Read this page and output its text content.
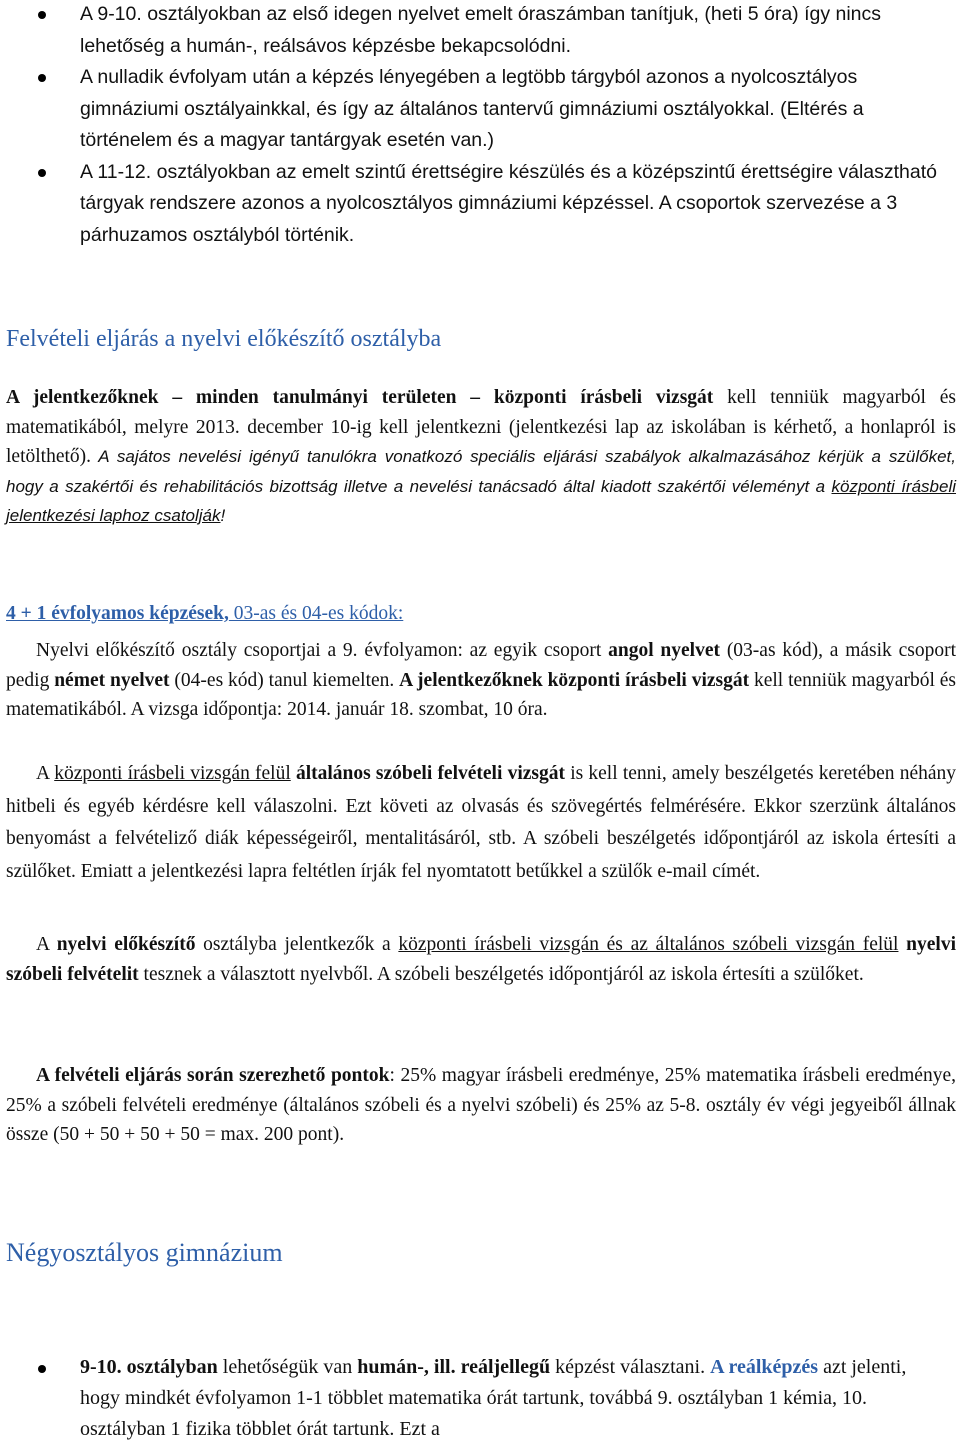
A 9-10. osztályokban az első idegen nyelvet emelt óraszámban tanítjuk, (heti 5 óra) így nincs lehetőség a humán-, reálsávos képzésbe bekapcsolódni.
A nulladik évfolyam után a képzés lényegében a legtöbb tárgyból azonos a nyolcosztályos gimnáziumi osztályainkkal, és így az általános tantervű gimnáziumi osztályokkal. (Eltérés a történelem és a magyar tantárgyak esetén van.)
A 11-12. osztályokban az emelt szintű érettségire készülés és a középszintű érettségire választható tárgyak rendszere azonos a nyolcosztályos gimnáziumi képzéssel. A csoportok szervezése a 3 párhuzamos osztályból történik.
Felvételi eljárás a nyelvi előkészítő osztályba

A jelentkezőknek – minden tanulmányi területen – központi írásbeli vizsgát kell tenniük magyarból és matematikából, melyre 2013. december 10-ig kell jelentkezni (jelentkezési lap az iskolában is kérhető, a honlapról is letölthető). A sajátos nevelési igényű tanulókra vonatkozó speciális eljárási szabályok alkalmazásához kérjük a szülőket, hogy a szakértői és rehabilitációs bizottság illetve a nevelési tanácsadó által kiadott szakértői véleményt a központi írásbeli jelentkezési laphoz csatolják!

4 + 1 évfolyamos képzések, 03-as és 04-es kódok:

Nyelvi előkészítő osztály csoportjai a 9. évfolyamon: az egyik csoport angol nyelvet (03-as kód), a másik csoport pedig német nyelvet (04-es kód) tanul kiemelten. A jelentkezőknek központi írásbeli vizsgát kell tenniük magyarból és matematikából. A vizsga időpontja: 2014. január 18. szombat, 10 óra.

A központi írásbeli vizsgán felül általános szóbeli felvételi vizsgát is kell tenni, amely beszélgetés keretében néhány hitbeli és egyéb kérdésre kell válaszolni. Ezt követi az olvasás és szövegértés felmérésére. Ekkor szerzünk általános benyomást a felvételiző diák képességeiről, mentalitásáról, stb. A szóbeli beszélgetés időpontjáról az iskola értesíti a szülőket. Emiatt a jelentkezési lapra feltétlen írják fel nyomtatott betűkkel a szülők e-mail címét.

A nyelvi előkészítő osztályba jelentkezők a központi írásbeli vizsgán és az általános szóbeli vizsgán felül nyelvi szóbeli felvételit tesznek a választott nyelvből. A szóbeli beszélgetés időpontjáról az iskola értesíti a szülőket.

A felvételi eljárás során szerezhető pontok: 25% magyar írásbeli eredménye, 25% matematika írásbeli eredménye, 25% a szóbeli felvételi eredménye (általános szóbeli és a nyelvi szóbeli) és 25% az 5-8. osztály év végi jegyeiből állnak össze (50 + 50 + 50 + 50 = max. 200 pont).

Négyosztályos gimnázium
9-10. osztályban lehetőségük van humán-, ill. reáljellegű képzést választani. A reálképzés azt jelenti, hogy mindkét évfolyamon 1-1 többlet matematika órát tartunk, továbbá 9. osztályban 1 kémia, 10. osztályban 1 fizika többlet órát tartunk. Ezt a
